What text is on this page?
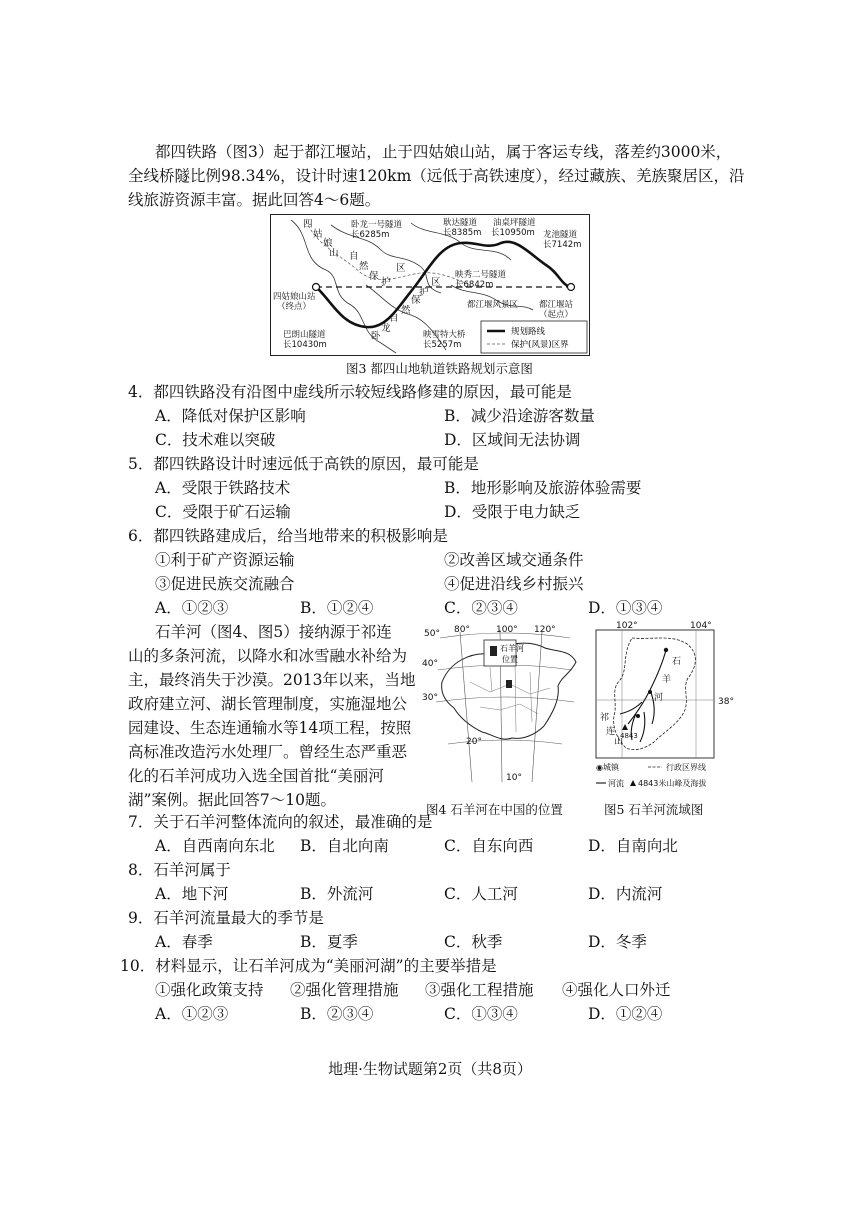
都四铁路（图3）起于都江堰站，止于四姑娘山站，属于客运专线，落差约3000米，
全线桥隧比例98.34%，设计时速120km（远低于高铁速度），经过藏族、羌族聚居区，沿
线旅游资源丰富。据此回答4～6题。
四
姑
娘
山 自
然
保
护
区
卧龙一号隧道
长6285m
耿达隧道
长8385m
油桌坪隧道
长10950m 龙池隧道
长7142m
映秀二号隧道
长6842m
四姑娘山站
（终点）	都江堰风景区 都江堰站
（起点）
巴朗山隧道
长10430m
卧
龙
自
然
保
护
区
映雪特大桥
长5257m
规划路线
保护(风景)区界
图3 都四山地轨道铁路规划示意图
4．都四铁路没有沿图中虚线所示较短线路修建的原因，最可能是
A．降低对保护区影响	B．减少沿途游客数量
C．技术难以突破	D．区域间无法协调
5．都四铁路设计时速远低于高铁的原因，最可能是
A．受限于铁路技术	B．地形影响及旅游体验需要
C．受限于矿石运输	D．受限于电力缺乏
6．都四铁路建成后，给当地带来的积极影响是
①利于矿产资源运输	②改善区域交通条件
③促进民族交流融合	④促进沿线乡村振兴
A．①②③	B．①②④	C．②③④	D．①③④
石羊河（图4、图5）接纳源于祁连
山的多条河流，以降水和冰雪融水补给为
主，最终消失于沙漠。2013年以来，当地
政府建立河、湖长管理制度，实施湿地公
园建设、生态连通输水等14项工程，按照
高标准改造污水处理厂。曾经生态严重恶
化的石羊河成功入选全国首批“美丽河
湖”案例。据此回答7～10题。
石羊河
位置
50°
40°
30°
20°
10°
80°	100° 120°
图4 石羊河在中国的位置
102°	104°
38°
石
羊
河
祁
连
山
4843
◉城镇	行政区界线
河流 4843米山峰及海拔
图5 石羊河流域图
7．关于石羊河整体流向的叙述，最准确的是
A．自西南向东北 B．自北向南	C．自东向西	D．自南向北
8．石羊河属于
A．地下河	B．外流河	C．人工河	D．内流河
9．石羊河流量最大的季节是
A．春季	B．夏季	C．秋季	D．冬季
10．材料显示，让石羊河成为“美丽河湖”的主要举措是
①强化政策支持 ②强化管理措施 ③强化工程措施 ④强化人口外迁
A．①②③	B．②③④	C．①③④	D．①②④
地理·生物试题第2页（共8页）
